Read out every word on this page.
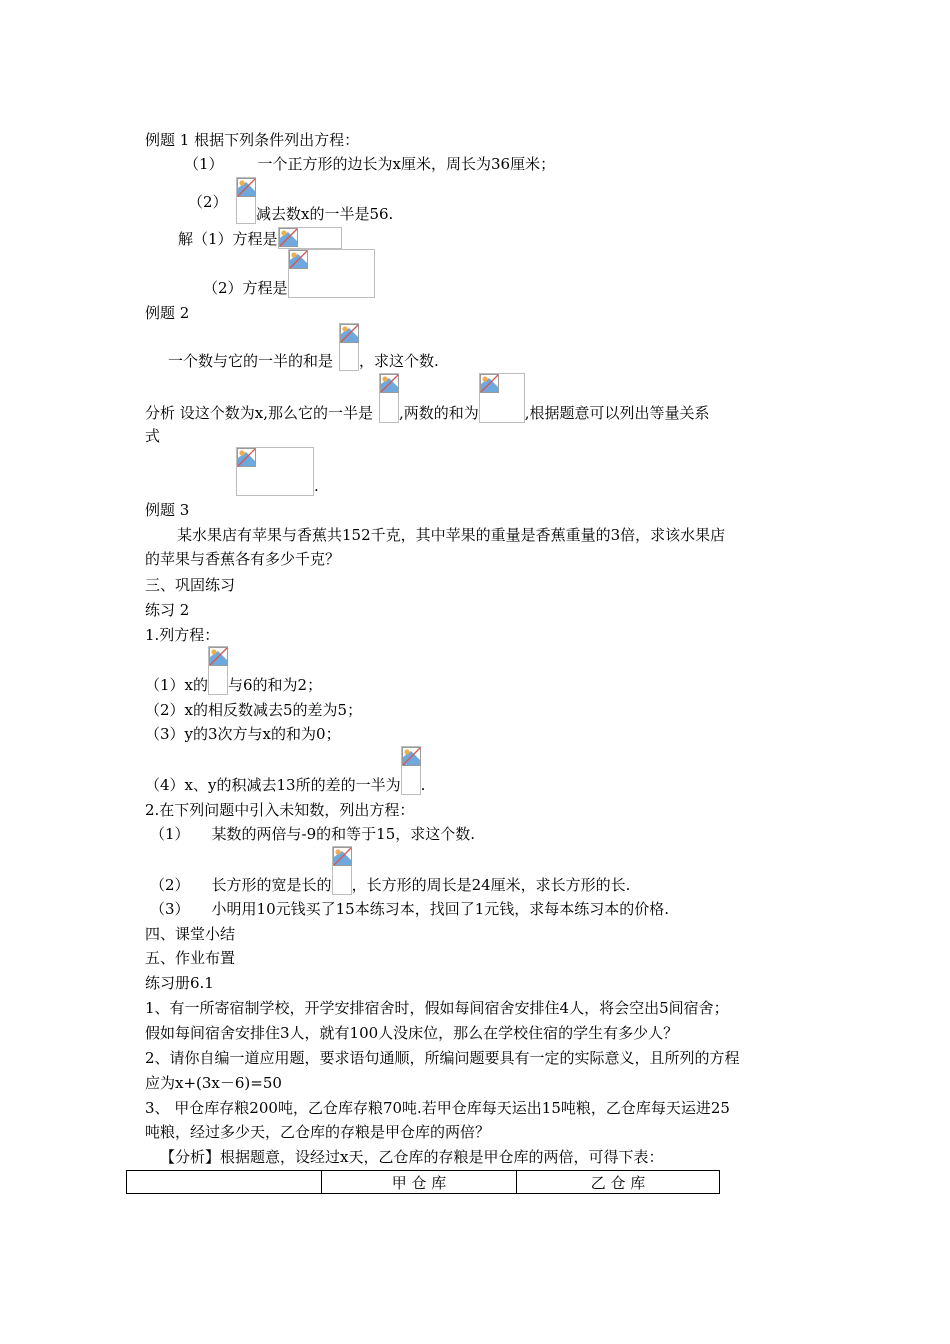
例题 1 根据下列条件列出方程：
（1） 一个正方形的边长为x厘米，周长为36厘米；
（2）
减去数x的一半是56.
解（1）方程是
（2）方程是
例题 2
一个数与它的一半的和是 ，求这个数.
分析 设这个数为x,那么它的一半是 ,两数的和为	,根据题意可以列出等量关系
式
.
例题 3
某水果店有苹果与香蕉共152千克，其中苹果的重量是香蕉重量的3倍，求该水果店
的苹果与香蕉各有多少千克？
三、巩固练习
练习 2
1.列方程：
（1）x的 与6的和为2；
（2）x的相反数减去5的差为5；
（3）y的3次方与x的和为0；
（4）x、y的积减去13所的差的一半为 .
2.在下列问题中引入未知数，列出方程：
（1） 某数的两倍与-9的和等于15，求这个数.
（2） 长方形的宽是长的 ，长方形的周长是24厘米，求长方形的长.
（3） 小明用10元钱买了15本练习本，找回了1元钱，求每本练习本的价格.
四、课堂小结
五、作业布置
练习册6.1
1、有一所寄宿制学校，开学安排宿舍时，假如每间宿舍安排住4人，将会空出5间宿舍；
假如每间宿舍安排住3人，就有100人没床位，那么在学校住宿的学生有多少人？
2、请你自编一道应用题，要求语句通顺，所编问题要具有一定的实际意义，且所列的方程
应为x+(3x－6)=50
3、 甲仓库存粮200吨，乙仓库存粮70吨.若甲仓库每天运出15吨粮，乙仓库每天运进25
吨粮，经过多少天，乙仓库的存粮是甲仓库的两倍？
【分析】根据题意，设经过x天，乙仓库的存粮是甲仓库的两倍，可得下表：
	甲 仓 库	乙 仓 库
